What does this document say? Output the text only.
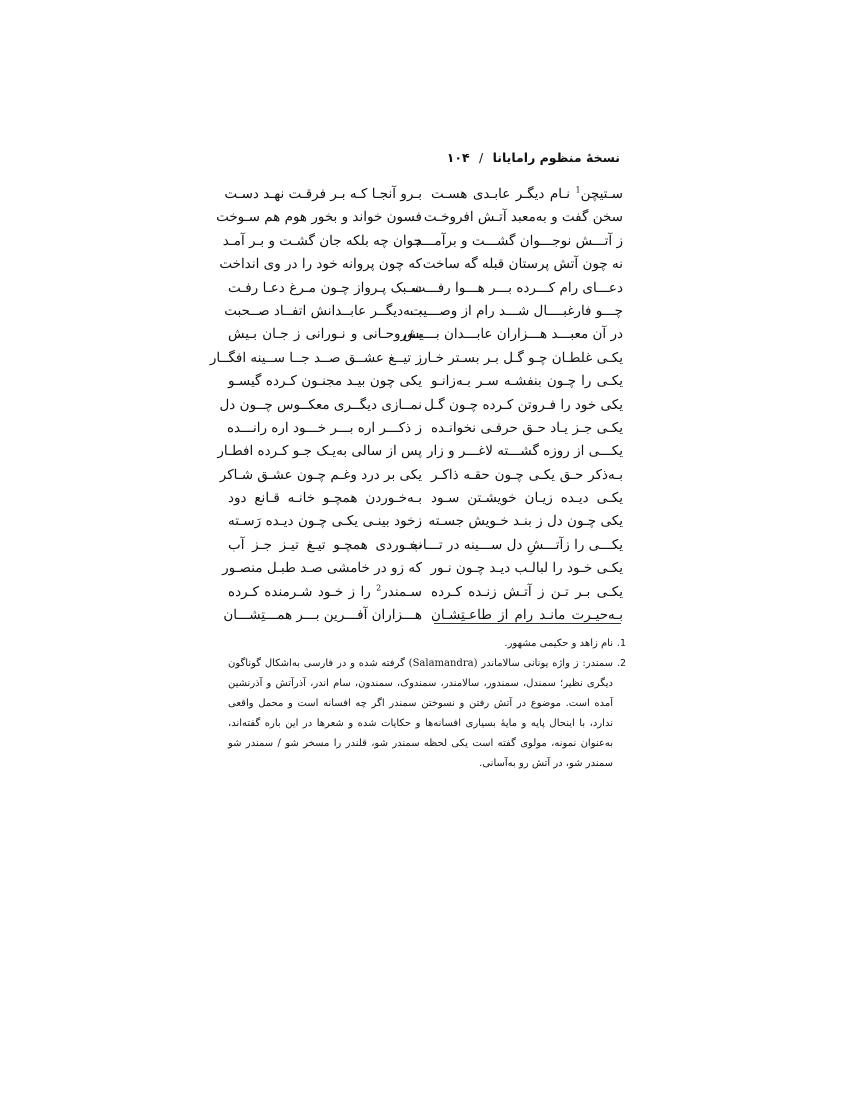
نسخهٔ منظوم رامایانا / ۱۰۴
سـتیچن$^1$ نـام دیگـر عابـدی هسـت
سخن گفت و به‌معبد آتـش افروخـت
ز آتـــش نوجـــوان گشـــت و برآمـــد
نه چون آتش پرستان قبله گه ساخت
دعـــای رام کـــرده بـــر هـــوا رفـــت
چـــو فارغبــــال شـــد رام از وصـــیت
در آن معبـــد هـــزاران عابـــدان بـــیش
یکـی غلطـان چـو گـل بـر بسـتر خـار
یکـی را چـون بنفشـه سـر بـه‌زانـو
یکی خود را فـروتن کـرده چـون گـل
یکـی جـز یـاد حـق حرفـی نخوانـده
یکـــی از روزه گشـــته لاغـــر و زار
بـه‌ذکر حـق یکـی چـون حقـه ذاکـر
یکـی دیـده زیـان خویشـتن سـود
یکی چـون دل ز بنـد خـویش جسـته
یکـــی را زآتـــشِ دل ســـینه در تـــاب
یکـی خـود را لبالـب دیـد چـون نـور
یکـی بـر تـن ز آتـش زنـده کـرده
بـه‌حیـرت مانـد رام از طاعـتِشـان
بـرو آنجـا کـه بـر فرقـت نهـد دسـت
فسون خواند و بخور هوم هم سـوخت
جوان چه بلکه جان گشـت و بـر آمـد
که چون پروانه خود را در وی انداخت
سـبک پـرواز چـون مـرغ دعـا رفـت
بــه‌دیگــر عابــدانش اتفــاد صــحبت
بـه‌روحـانی و نـورانی ز جـان بـیش
ز تیــغ عشــق صــد جــا ســینه افگــار
یکی چون بیـد مجنـون کـرده گیسـو
نمــازی دیگــری معکــوس چــون دل
ز ذکـــر اره بـــر خـــود اره رانـــده
پس از سالی به‌یـک جـو کـرده افطـار
یکی بر درد وغـم چـون عشـق شـاکر
بـه‌خـوردن همچـو خانـه قـانع دود
زخود بینـی یکـی چـون دیـده رَسـته
نخـوردی همچـو تیـغ تیـز جـز آب
که زو در خامشی صـد طبـل منصـور
سـمندر$^2$ را ز خـود شـرمنده کـرده
هـــزاران آفـــرین بـــر همـــتِشـــان
1.
نام زاهد و حکیمی مشهور.
2.
سمندر: ز واژه یونانی سالاماندر (Salamandra) گرفته شده و در فارسی به‌اشکال گوناگون دیگری نظیر؛ سمندل، سمندور، سالامندر، سمندوک، سمندون، سام اندر، آذرآتش و آذرنشین آمده است. موضوع در آتش رفتن و نسوختن سمندر اگر چه افسانه است و محمل واقعی ندارد، با اینحال پایه و مایهٔ بسیاری افسانه‌ها و حکایات شده و شعرها در این باره گفته‌اند، به‌عنوان نمونه، مولوی گفته است یکی لحظه سمندر شو، قلندر را مسخر شو / سمندر شو سمندر شو، در آتش رو به‌آسانی.
